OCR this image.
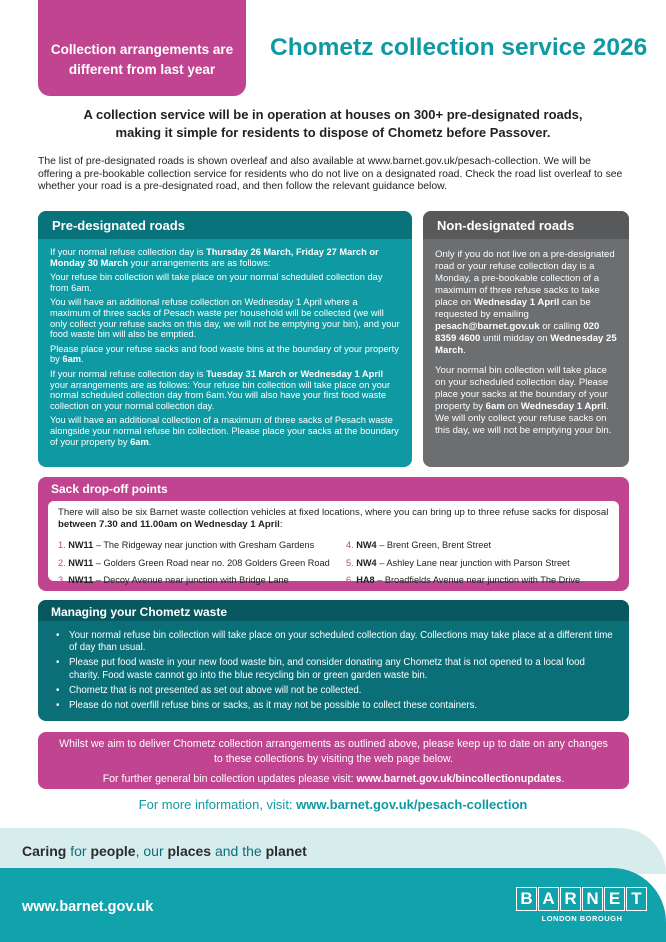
Collection arrangements are
different from last year
Chometz collection service 2026
A collection service will be in operation at houses on 300+ pre-designated roads,
making it simple for residents to dispose of Chometz before Passover.
The list of pre-designated roads is shown overleaf and also available at www.barnet.gov.uk/pesach-collection. We will be offering a pre-bookable collection service for residents who do not live on a designated road. Check the road list overleaf to see whether your road is a pre-designated road, and then follow the relevant guidance below.
Pre-designated roads

If your normal refuse collection day is Thursday 26 March, Friday 27 March or Monday 30 March your arrangements are as follows:

Your refuse bin collection will take place on your normal scheduled collection day from 6am.

You will have an additional refuse collection on Wednesday 1 April where a maximum of three sacks of Pesach waste per household will be collected (we will only collect your refuse sacks on this day, we will not be emptying your bin), and your food waste bin will also be emptied.

Please place your refuse sacks and food waste bins at the boundary of your property by 6am.

If your normal refuse collection day is Tuesday 31 March or Wednesday 1 April your arrangements are as follows: Your refuse bin collection will take place on your normal scheduled collection day from 6am.You will also have your first food waste collection on your normal collection day.

You will have an additional collection of a maximum of three sacks of Pesach waste alongside your normal refuse bin collection. Please place your sacks at the boundary of your property by 6am.

Non-designated roads

Only if you do not live on a pre-designated road or your refuse collection day is a Monday, a pre-bookable collection of a maximum of three refuse sacks to take place on Wednesday 1 April can be requested by emailing pesach@barnet.gov.uk or calling 020 8359 4600 until midday on Wednesday 25 March.

Your normal bin collection will take place on your scheduled collection day. Please place your sacks at the boundary of your property by 6am on Wednesday 1 April. We will only collect your refuse sacks on this day, we will not be emptying your bin.

Sack drop-off points
There will also be six Barnet waste collection vehicles at fixed locations, where you can bring up to three refuse sacks for disposal between 7.30 and 11.00am on Wednesday 1 April:
1. NW11 – The Ridgeway near junction with Gresham Gardens	4. NW4 – Brent Green, Brent Street
2. NW11 – Golders Green Road near no. 208 Golders Green Road	5. NW4 – Ashley Lane near junction with Parson Street
3. NW11 – Decoy Avenue near junction with Bridge Lane	6. HA8 – Broadfields Avenue near junction with The Drive
Managing your Chometz waste
• Your normal refuse bin collection will take place on your scheduled collection day. Collections may take place at a different time of day than usual.
• Please put food waste in your new food waste bin, and consider donating any Chometz that is not opened to a local food charity. Food waste cannot go into the blue recycling bin or green garden waste bin.
• Chometz that is not presented as set out above will not be collected.
• Please do not overfill refuse bins or sacks, as it may not be possible to collect these containers.

Whilst we aim to deliver Chometz collection arrangements as outlined above, please keep up to date on any changes to these collections by visiting the web page below.

For further general bin collection updates please visit: www.barnet.gov.uk/bincollectionupdates.

For more information, visit: www.barnet.gov.uk/pesach-collection
Caring for people, our places and the planet
www.barnet.gov.uk	B A R N E T
LONDON BOROUGH
